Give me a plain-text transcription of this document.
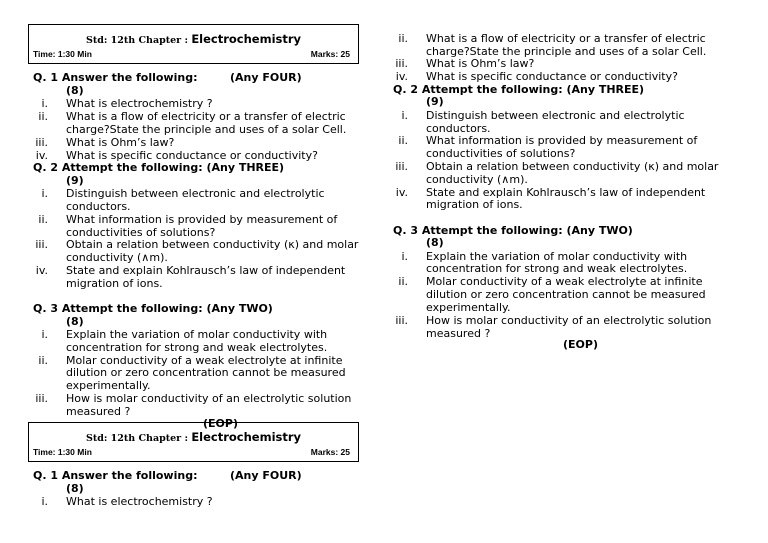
Std: 12th Chapter : Electrochemistry
Time: 1:30 Min	Marks: 25
Q. 1 Answer the following:	(Any FOUR)
(8)
i. What is electrochemistry ?
ii. What is a flow of electricity or a transfer of electric
charge?State the principle and uses of a solar Cell.
iii. What is Ohm’s law?
iv. What is specific conductance or conductivity?
Q. 2 Attempt the following: (Any THREE)
(9)
i. Distinguish between electronic and electrolytic
conductors.
ii. What information is provided by measurement of
conductivities of solutions?
iii. Obtain a relation between conductivity (κ) and molar
conductivity (∧m).
iv. State and explain Kohlrausch’s law of independent
migration of ions.
Q. 3 Attempt the following: (Any TWO)
(8)
i. Explain the variation of molar conductivity with
concentration for strong and weak electrolytes.
ii. Molar conductivity of a weak electrolyte at infinite
dilution or zero concentration cannot be measured
experimentally.
iii. How is molar conductivity of an electrolytic solution
measured ?
(EOP)
Std: 12th Chapter : Electrochemistry
Time: 1:30 Min	Marks: 25
Q. 1 Answer the following:	(Any FOUR)
(8)
i. What is electrochemistry ?
ii. What is a flow of electricity or a transfer of electric
charge?State the principle and uses of a solar Cell.
iii. What is Ohm’s law?
iv. What is specific conductance or conductivity?
Q. 2 Attempt the following: (Any THREE)
(9)
i. Distinguish between electronic and electrolytic
conductors.
ii. What information is provided by measurement of
conductivities of solutions?
iii. Obtain a relation between conductivity (κ) and molar
conductivity (∧m).
iv. State and explain Kohlrausch’s law of independent
migration of ions.
Q. 3 Attempt the following: (Any TWO)
(8)
i. Explain the variation of molar conductivity with
concentration for strong and weak electrolytes.
ii. Molar conductivity of a weak electrolyte at infinite
dilution or zero concentration cannot be measured
experimentally.
iii. How is molar conductivity of an electrolytic solution
measured ?
(EOP)
